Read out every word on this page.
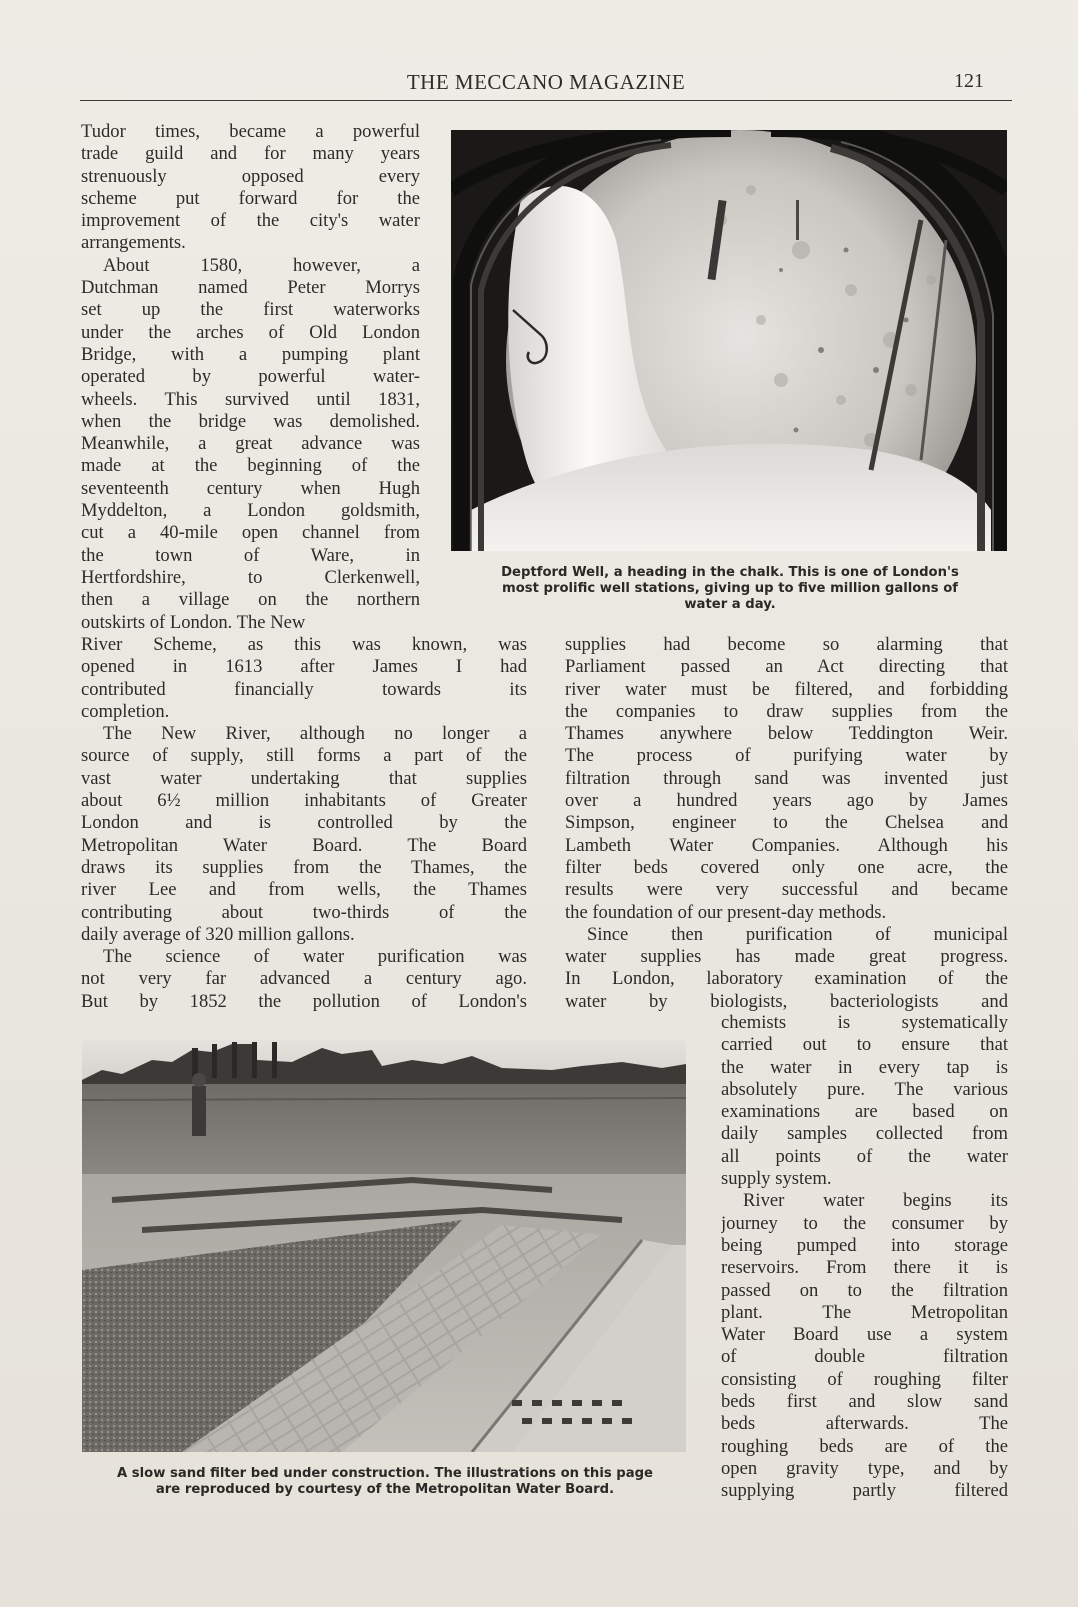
THE MECCANO MAGAZINE	121
Tudor times, became a powerful
trade guild and for many years
strenuously opposed every
scheme put forward for the
improvement of the city's water
arrangements.
About 1580, however, a
Dutchman named Peter Morrys
set up the first waterworks
under the arches of Old London
Bridge, with a pumping plant
operated by powerful water-
wheels. This survived until 1831,
when the bridge was demolished.
Meanwhile, a great advance was
made at the beginning of the
seventeenth century when Hugh
Myddelton, a London goldsmith,
cut a 40-mile open channel from
the town of Ware, in
Hertfordshire, to Clerkenwell,
then a village on the northern
outskirts of London. The New
Deptford Well, a heading in the chalk. This is one of London's
most prolific well stations, giving up to five million gallons of
water a day.
River Scheme, as this was known, was
opened in 1613 after James I had
contributed financially towards its
completion.
The New River, although no longer a
source of supply, still forms a part of the
vast water undertaking that supplies
about 6½ million inhabitants of Greater
London and is controlled by the
Metropolitan Water Board. The Board
draws its supplies from the Thames, the
river Lee and from wells, the Thames
contributing about two-thirds of the
daily average of 320 million gallons.
The science of water purification was
not very far advanced a century ago.
But by 1852 the pollution of London's
supplies had become so alarming that
Parliament passed an Act directing that
river water must be filtered, and forbidding
the companies to draw supplies from the
Thames anywhere below Teddington Weir.
The process of purifying water by
filtration through sand was invented just
over a hundred years ago by James
Simpson, engineer to the Chelsea and
Lambeth Water Companies. Although his
filter beds covered only one acre, the
results were very successful and became
the foundation of our present-day methods.
Since then purification of municipal
water supplies has made great progress.
In London, laboratory examination of the
water by biologists, bacteriologists and
A slow sand filter bed under construction. The illustrations on this page
are reproduced by courtesy of the Metropolitan Water Board.
chemists is systematically
carried out to ensure that
the water in every tap is
absolutely pure. The various
examinations are based on
daily samples collected from
all points of the water
supply system.
River water begins its
journey to the consumer by
being pumped into storage
reservoirs. From there it is
passed on to the filtration
plant. The Metropolitan
Water Board use a system
of double filtration
consisting of roughing filter
beds first and slow sand
beds afterwards. The
roughing beds are of the
open gravity type, and by
supplying partly filtered
